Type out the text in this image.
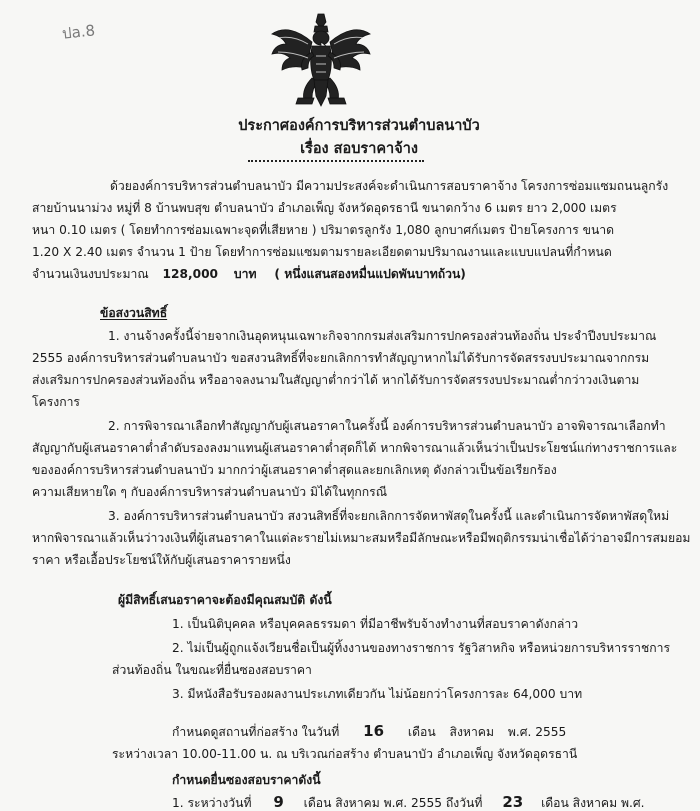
ปa.8
ประกาศองค์การบริหารส่วนตำบลนาบัว
เรื่อง สอบราคาจ้าง
ด้วยองค์การบริหารส่วนตำบลนาบัว มีความประสงค์จะดำเนินการสอบราคาจ้าง โครงการซ่อมแซมถนนลูกรัง
สายบ้านนาม่วง หมู่ที่ 8 บ้านพบสุข ตำบลนาบัว อำเภอเพ็ญ จังหวัดอุดรธานี ขนาดกว้าง 6 เมตร ยาว 2,000 เมตร
หนา 0.10 เมตร ( โดยทำการซ่อมเฉพาะจุดที่เสียหาย ) ปริมาตรลูกรัง 1,080 ลูกบาศก์เมตร ป้ายโครงการ ขนาด
1.20 X 2.40 เมตร จำนวน 1 ป้าย โดยทำการซ่อมแซมตามรายละเอียดตามปริมาณงานและแบบแปลนที่กำหนด
จำนวนเงินงบประมาณ 128,000 บาท ( หนึ่งแสนสองหมื่นแปดพันบาทถ้วน)
ข้อสงวนสิทธิ์
1. งานจ้างครั้งนี้จ่ายจากเงินอุดหนุนเฉพาะกิจจากกรมส่งเสริมการปกครองส่วนท้องถิ่น ประจำปีงบประมาณ
2555 องค์การบริหารส่วนตำบลนาบัว ขอสงวนสิทธิ์ที่จะยกเลิกการทำสัญญาหากไม่ได้รับการจัดสรรงบประมาณจากกรม
ส่งเสริมการปกครองส่วนท้องถิ่น หรืออาจลงนามในสัญญาต่ำกว่าได้ หากได้รับการจัดสรรงบประมาณต่ำกว่าวงเงินตาม
โครงการ
2. การพิจารณาเลือกทำสัญญากับผู้เสนอราคาในครั้งนี้ องค์การบริหารส่วนตำบลนาบัว อาจพิจารณาเลือกทำ
สัญญากับผู้เสนอราคาต่ำลำดับรองลงมาแทนผู้เสนอราคาต่ำสุดก็ได้ หากพิจารณาแล้วเห็นว่าเป็นประโยชน์แก่ทางราชการและ
ขององค์การบริหารส่วนตำบลนาบัว มากกว่าผู้เสนอราคาต่ำสุดและยกเลิกเหตุ ดังกล่าวเป็นข้อเรียกร้อง
ความเสียหายใด ๆ กับองค์การบริหารส่วนตำบลนาบัว มิได้ในทุกกรณี
3. องค์การบริหารส่วนตำบลนาบัว สงวนสิทธิ์ที่จะยกเลิกการจัดหาพัสดุในครั้งนี้ และดำเนินการจัดหาพัสดุใหม่
หากพิจารณาแล้วเห็นว่าวงเงินที่ผู้เสนอราคาในแต่ละรายไม่เหมาะสมหรือมีลักษณะหรือมีพฤติกรรมน่าเชื่อได้ว่าอาจมีการสมยอม
ราคา หรือเอื้อประโยชน์ให้กับผู้เสนอราคารายหนึ่ง
ผู้มีสิทธิ์เสนอราคาจะต้องมีคุณสมบัติ ดังนี้
1. เป็นนิติบุคคล หรือบุคคลธรรมดา ที่มีอาชีพรับจ้างทำงานที่สอบราคาดังกล่าว
2. ไม่เป็นผู้ถูกแจ้งเวียนชื่อเป็นผู้ทิ้งงานของทางราชการ รัฐวิสาหกิจ หรือหน่วยการบริหารราชการ
ส่วนท้องถิ่น ในขณะที่ยื่นซองสอบราคา
3. มีหนังสือรับรองผลงานประเภทเดียวกัน ไม่น้อยกว่าโครงการละ 64,000 บาท
กำหนดดูสถานที่ก่อสร้าง ในวันที่ 16 เดือน สิงหาคม พ.ศ. 2555
ระหว่างเวลา 10.00-11.00 น. ณ บริเวณก่อสร้าง ตำบลนาบัว อำเภอเพ็ญ จังหวัดอุดรธานี
กำหนดยื่นซองสอบราคาดังนี้
1. ระหว่างวันที่ 9 เดือน สิงหาคม พ.ศ. 2555 ถึงวันที่ 23 เดือน สิงหาคม พ.ศ.
